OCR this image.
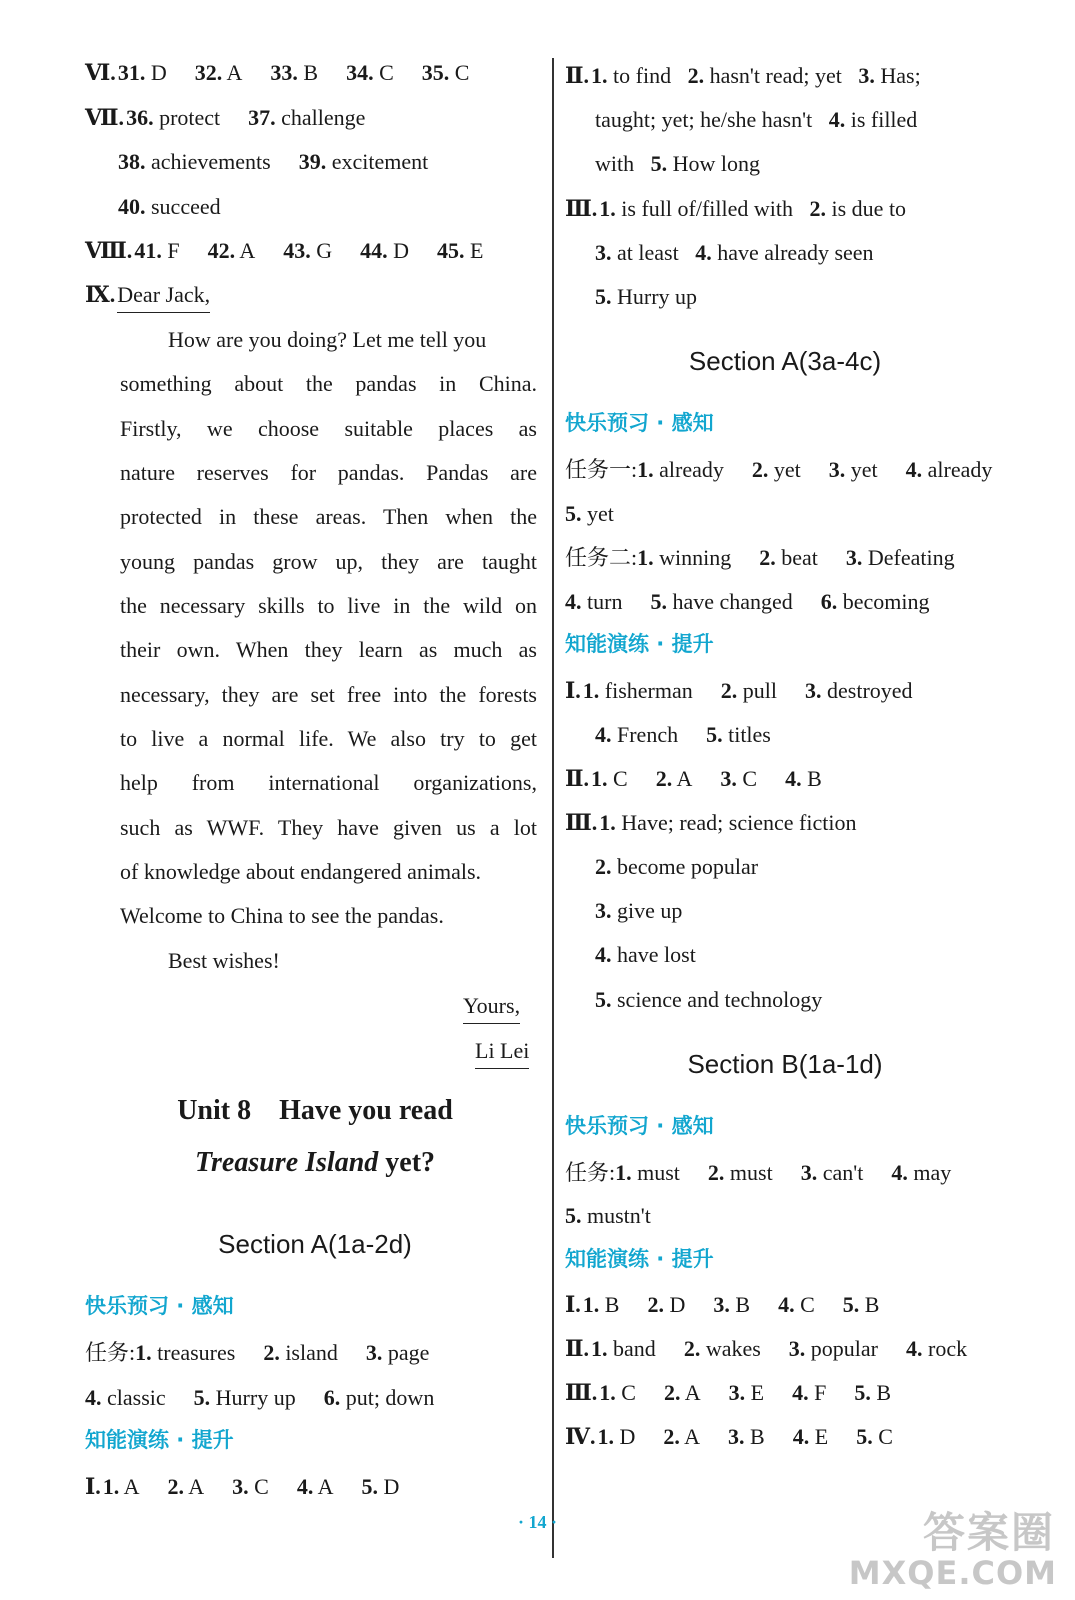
Ⅵ.31. D 32. A 33. B 34. C 35. C
Ⅶ.36. protect 37. challenge
38. achievements 39. excitement
40. succeed
Ⅷ.41. F 42. A 43. G 44. D 45. E
Ⅸ.Dear Jack,
How are you doing? Let me tell you
something about the pandas in China.
Firstly, we choose suitable places as
nature reserves for pandas. Pandas are
protected in these areas. Then when the
young pandas grow up, they are taught
the necessary skills to live in the wild on
their own. When they learn as much as
necessary, they are set free into the forests
to live a normal life. We also try to get
help from international organizations,
such as WWF. They have given us a lot
of knowledge about endangered animals.
Welcome to China to see the pandas.
Best wishes!
Yours,
Li Lei
Unit 8    Have you read
Treasure Island yet?
Section A(1a-2d)
快乐预习 · 感知
任务:1. treasures 2. island 3. page
4. classic 5. Hurry up 6. put; down
知能演练 · 提升
Ⅰ.1. A 2. A 3. C 4. A 5. D
Ⅱ.1. to find   2. hasn't read; yet   3. Has;
taught; yet; he/she hasn't   4. is filled
with   5. How long
Ⅲ.1. is full of/filled with   2. is due to
3. at least   4. have already seen
5. Hurry up
Section A(3a-4c)
快乐预习 · 感知
任务一:1. already 2. yet 3. yet 4. already
5. yet
任务二:1. winning 2. beat 3. Defeating
4. turn 5. have changed 6. becoming
知能演练 · 提升
Ⅰ.1. fisherman 2. pull 3. destroyed
4. French 5. titles
Ⅱ.1. C 2. A 3. C 4. B
Ⅲ.1. Have; read; science fiction
2. become popular
3. give up
4. have lost
5. science and technology
Section B(1a-1d)
快乐预习 · 感知
任务:1. must 2. must 3. can't 4. may
5. mustn't
知能演练 · 提升
Ⅰ.1. B 2. D 3. B 4. C 5. B
Ⅱ.1. band 2. wakes 3. popular 4. rock
Ⅲ.1. C 2. A 3. E 4. F 5. B
Ⅳ.1. D 2. A 3. B 4. E 5. C
· 14 ·	答案圈
MXQE.COM
